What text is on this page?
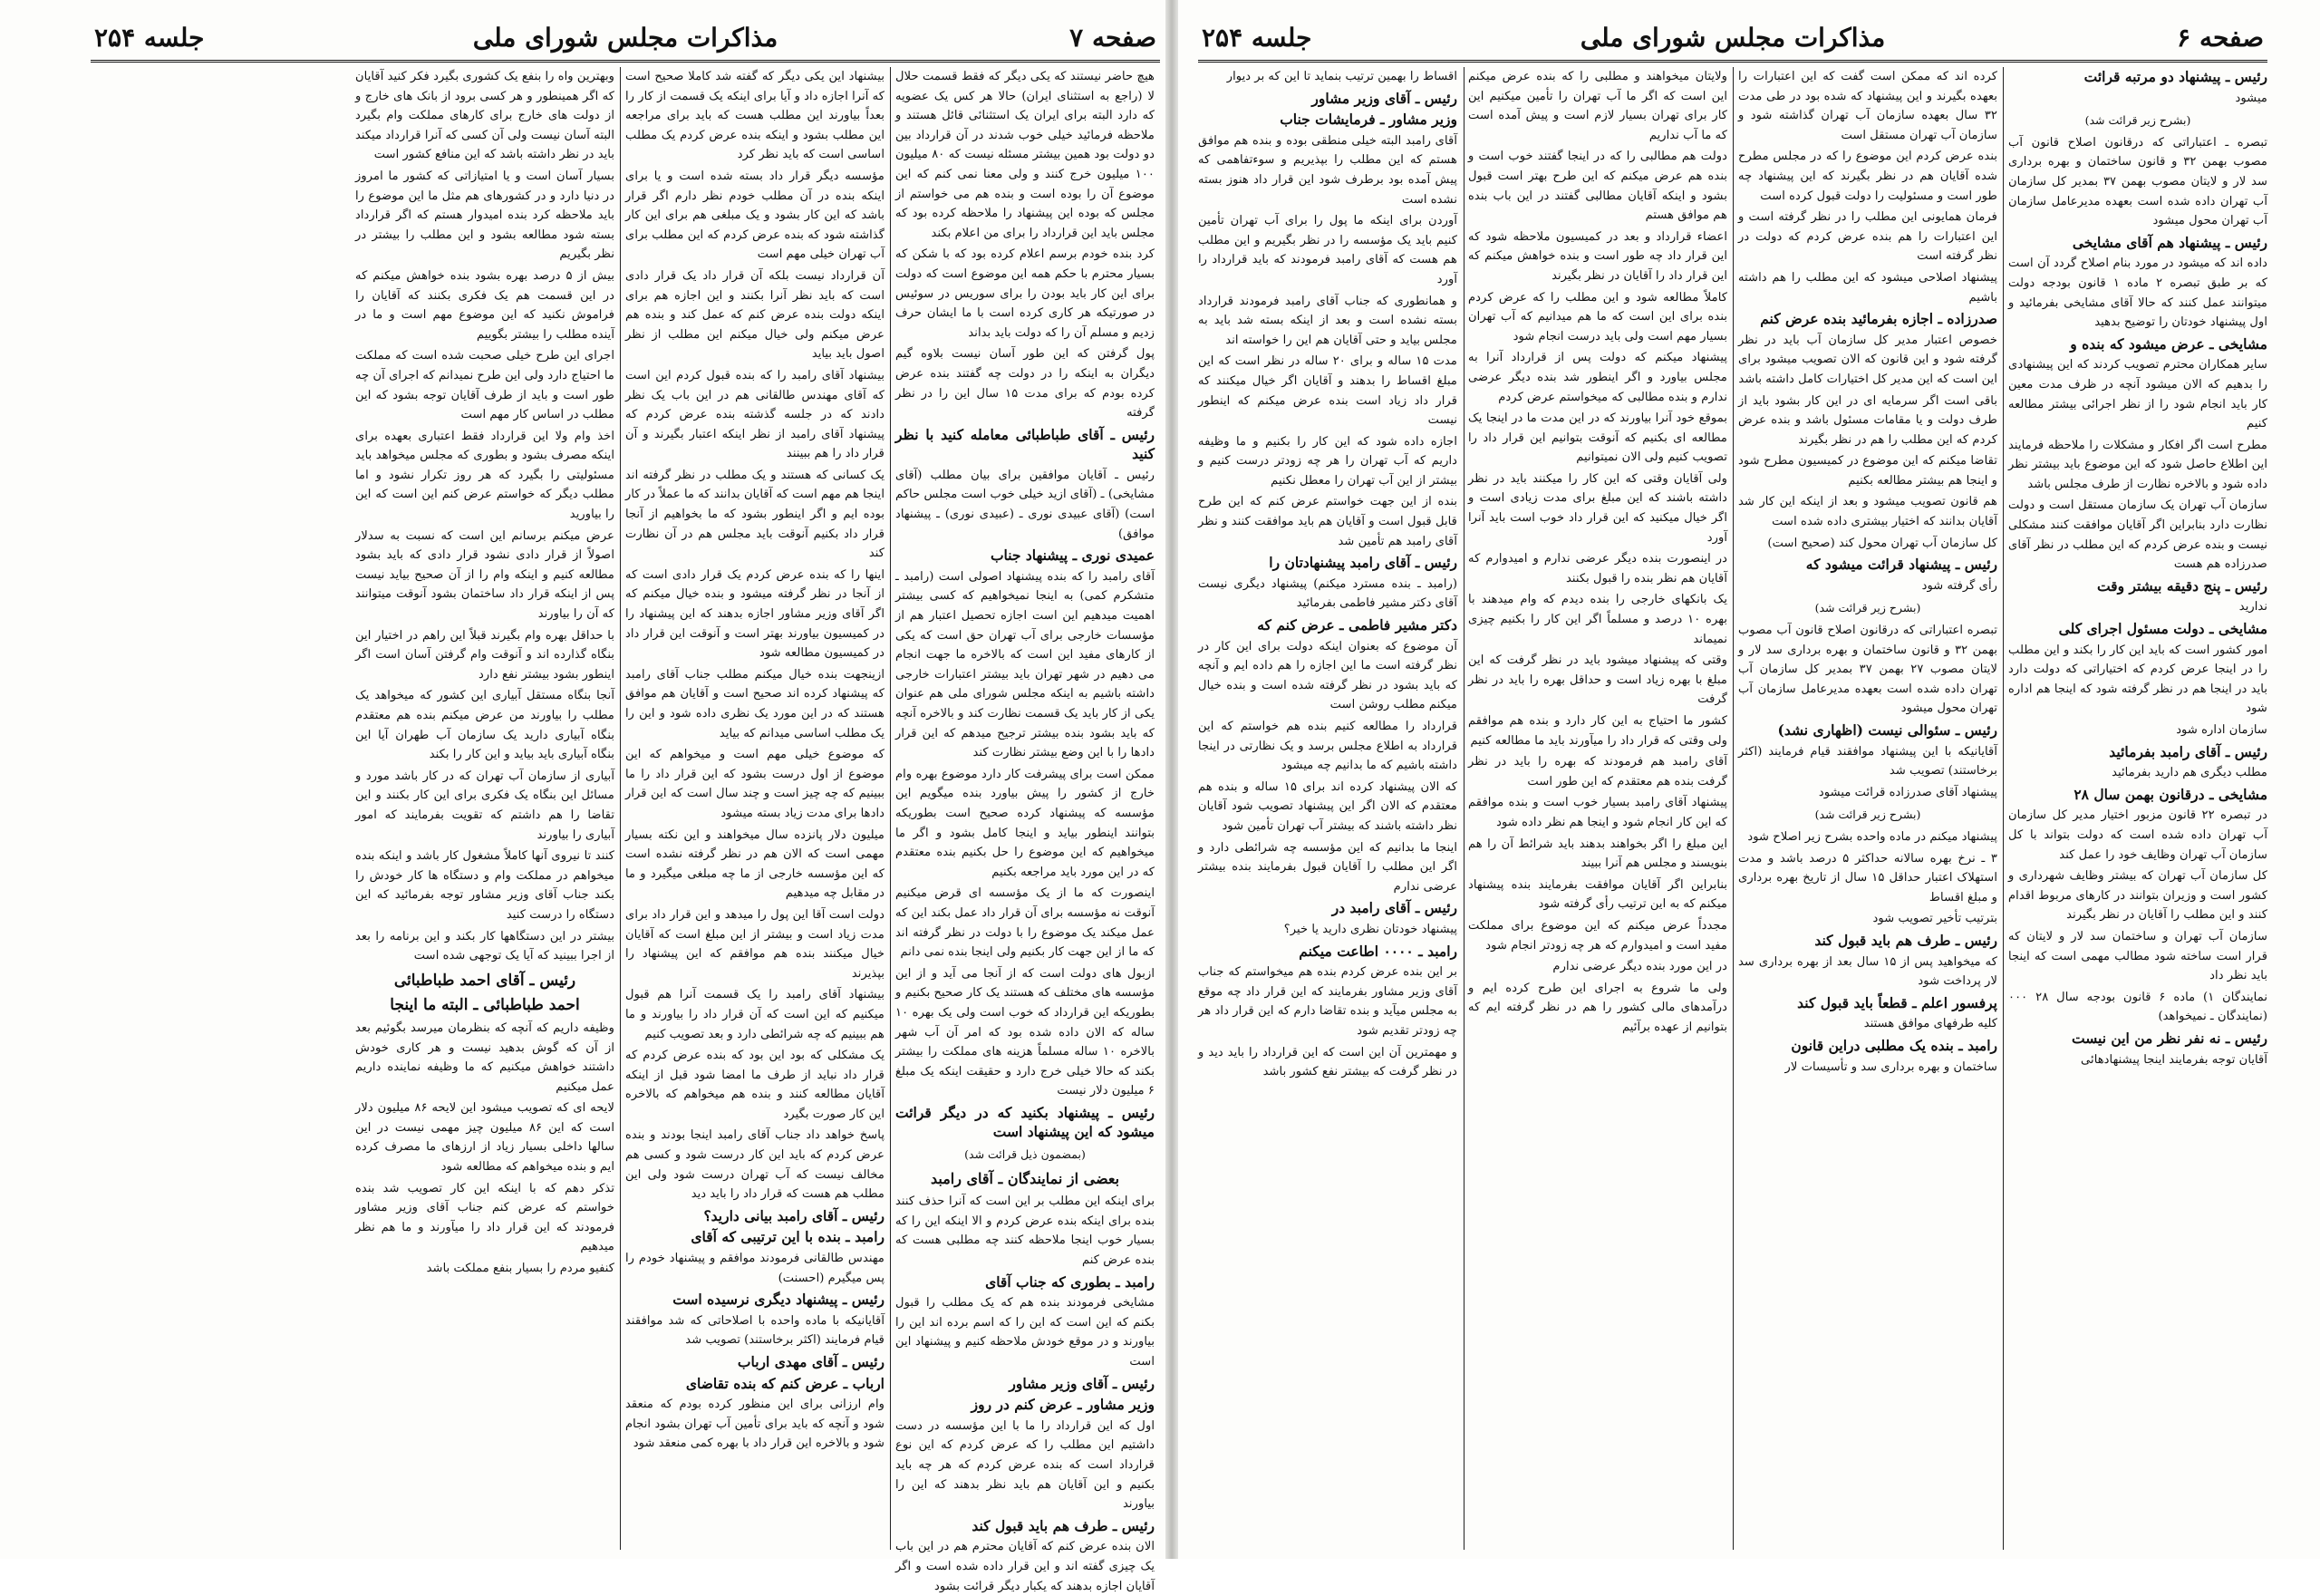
صفحه ۷
مذاکرات مجلس شورای ملی
جلسه ۲۵۴

هیچ حاضر نیستند که یکی دیگر که فقط قسمت حلال لا (راجع به استثنای ایران) حالا هر کس یک عضویه که دارد البته برای ایران یک استثنائی قائل هستند و ملاحظه فرمائید خیلی خوب شدند در آن قرارداد بین دو دولت بود همین بیشتر مسئله نیست که ۸۰ میلیون ۱۰۰ میلیون خرج کنند و ولی معنا نمی کنم که این موضوع آن را بوده است و بنده هم می خواستم از مجلس که بوده این پیشنهاد را ملاحظه کرده بود که مجلس باید این قرارداد را برای من اعلام بکند

کرد بنده خودم برسم اعلام کرده بود که با شکن که بسیار محترم با حکم همه این موضوع است که دولت برای این کار باید بودن را برای سوریس در سوئیس در صورتیکه هر کاری کرده است با ما ایشان حرف زدیم و مسلم آن را که دولت باید بداند

پول گرفتن که این طور آسان نیست بلاوه گیم دیگران به اینکه را در دولت چه گفتند بنده عرض کرده بودم که برای مدت ۱۵ سال این را در نظر گرفته

رئیس ـ آقای طباطبائی معامله کنید با نظر کنید

رئیس ـ آقایان موافقین برای بیان مطلب (آقای مشایخی) ـ (آقای ازید خیلی خوب است مجلس حاکم است) (آقای عبیدی نوری ـ (عبیدی نوری) ـ پیشنهاد موافق)

عمیدی نوری ـ پیشنهاد جناب

آقای رامبد را که بنده پیشنهاد اصولی است (رامبد ـ متشکرم کمی) به اینجا نمیخواهیم که کسی بیشتر اهمیت میدهیم این است اجازه تحصیل اعتبار هم از مؤسسات خارجی برای آب تهران حق است که یکی از کارهای مفید این است که بالاخره ما جهت انجام می دهیم در شهر تهران باید بیشتر اعتبارات خارجی داشته باشیم به اینکه مجلس شورای ملی هم عنوان یکی از کار باید یک قسمت نظارت کند و بالاخره آنچه که باید بشود بنده بیشتر ترجیح میدهم که این قرار دادها را با این وضع بیشتر نظارت کند

ممکن است برای پیشرفت کار دارد موضوع بهره وام خارج از کشور را پیش بیاورد بنده میگویم این مؤسسه که پیشنهاد کرده صحیح است بطوریکه بتوانند اینطور بیاید و اینجا کامل بشود و اگر ما میخواهیم که این موضوع را حل بکنیم بنده معتقدم که در این مورد باید مراجعه بکنیم

اینصورت که ما از یک مؤسسه ای قرض میکنیم آنوقت نه مؤسسه برای آن قرار داد عمل بکند این که عمل میکند یک موضوع را با دولت در نظر گرفته اند که ما از این جهت کار بکنیم ولی اینجا بنده نمی دانم

ازبول های دولت است که از آنجا می آید و از این مؤسسه های مختلف که هستند یک کار صحیح بکنیم و بطوریکه این قرارداد که خوب است ولی یک بهره ۱۰ ساله که الان داده شده بود که امر آن آب شهر بالاخره ۱۰ ساله مسلماً هزینه های مملکت را بیشتر بکند که حالا خیلی خرج دارد و حقیقت اینکه یک مبلغ ۶ میلیون دلار نیست

رئیس ـ پیشنهاد بکنید که در دیگر قرائت میشود که این پیشنهاد است

(بمضمون ذیل قرائت شد)
بعضی از نمایندگان ـ آقای رامبد

برای اینکه این مطلب بر این است که آنرا حذف کنند بنده برای اینکه بنده عرض کردم و الا اینکه این را که بسیار خوب اینجا ملاحظه کنند چه مطلبی هست که بنده عرض کنم

رامبد ـ بطوری که جناب آقای

مشایخی فرمودند بنده هم که یک مطلب را قبول بکنم که این است که این را که اسم برده اند این را بیاورند و در موقع خودش ملاحظه کنیم و پیشنهاد این است

رئیس ـ آقای وزیر مشاور

وزیر مشاور ـ عرض کنم در روز

اول که این قرارداد را ما با این مؤسسه در دست داشتیم این مطلب را که عرض کردم که این نوع قرارداد است که بنده عرض کردم که هر چه باید بکنیم و این آقایان هم باید نظر بدهند که این را بیاورند

رئیس ـ طرف هم باید قبول کند

الان بنده عرض کنم که آقایان محترم هم در این باب یک چیزی گفته اند و این قرار داده شده است و اگر آقایان اجازه بدهند که یکبار دیگر قرائت بشود

بیشنهاد این یکی دیگر که گفته شد کاملا صحیح است که آنرا اجازه داد و آیا برای اینکه یک قسمت از کار را بعداً بیاورند این مطلب هست که باید برای مراجعه این مطلب بشود و اینکه بنده عرض کردم یک مطلب اساسی است که باید نظر کرد

مؤسسه دیگر قرار داد بسته شده است و یا برای اینکه بنده در آن مطلب خودم نظر دارم اگر قرار باشد که این کار بشود و یک مبلغی هم برای این کار گذاشته شود که بنده عرض کردم که این مطلب برای آب تهران خیلی مهم است

آن قرارداد نیست بلکه آن قرار داد یک قرار دادی است که باید نظر آنرا بکنند و این اجازه هم برای اینکه دولت بنده عرض کنم که عمل کند و بنده هم عرض میکنم ولی خیال میکنم این مطلب از نظر اصول باید بیاید

بیشنهاد آقای رامبد را که بنده قبول کردم این است که آقای مهندس طالقانی هم در این باب یک نظر دادند که در جلسه گذشته بنده عرض کردم که پیشنهاد آقای رامبد از نظر اینکه اعتبار بگیرند و آن قرار داد را هم ببینند

یک کسانی که هستند و یک مطلب در نظر گرفته اند اینجا هم مهم است که آقایان بدانند که ما عملاً در کار بوده ایم و اگر اینطور بشود که ما بخواهیم از آنجا قرار داد بکنیم آنوقت باید مجلس هم در آن نظارت کند

اینها را که بنده عرض کردم یک قرار دادی است که از آنجا در نظر گرفته میشود و بنده خیال میکنم که اگر آقای وزیر مشاور اجازه بدهند که این پیشنهاد را در کمیسیون بیاورند بهتر است و آنوقت این قرار داد در کمیسیون مطالعه شود

ازینجهت بنده خیال میکنم مطلب جناب آقای رامبد که پیشنهاد کرده اند صحیح است و آقایان هم موافق هستند که در این مورد یک نظری داده شود و این را یک مطلب اساسی میدانم که بیاید

که موضوع خیلی مهم است و میخواهم که این موضوع از اول درست بشود که این قرار داد را ما ببینیم که چه چیز است و چند سال است که این قرار دادها برای مدت زیاد بسته میشود

میلیون دلار پانزده سال میخواهند و این نکته بسیار مهمی است که الان هم در نظر گرفته نشده است که این مؤسسه خارجی از ما چه مبلغی میگیرد و ما در مقابل چه میدهیم

دولت است آقا این پول را میدهد و این قرار داد برای مدت زیاد است و بیشتر از این مبلغ است که آقایان خیال میکنند بنده هم موافقم که این پیشنهاد را بپذیرند

بیشنهاد آقای رامبد را یک قسمت آنرا هم قبول میکنیم که این است که آن قرار داد را بیاورند و ما هم ببینیم که چه شرائطی دارد و بعد تصویب کنیم

یک مشکلی که بود این بود که بنده عرض کردم که قرار داد نباید از طرف ما امضا شود قبل از اینکه آقایان مطالعه کنند و بنده هم میخواهم که بالاخره این کار صورت بگیرد

پاسخ خواهد داد جناب آقای رامبد اینجا بودند و بنده عرض کردم که باید این کار درست شود و کسی هم مخالف نیست که آب تهران درست شود ولی این مطلب هم هست که قرار داد را باید دید

رئیس ـ آقای رامبد بیانی دارید؟

رامبد ـ بنده با این ترتیبی که آقای

مهندس طالقانی فرمودند موافقم و پیشنهاد خودم را پس میگیرم (احسنت)

رئیس ـ پیشنهاد دیگری نرسیده است

آقایانیکه با ماده واحده با اصلاحاتی که شد موافقند قیام فرمایند (اکثر برخاستند) تصویب شد

رئیس ـ آقای مهدی ارباب

ارباب ـ عرض کنم که بنده تقاضای

وام ارزانی برای این منظور کرده بودم که منعقد شود و آنچه که باید برای تأمین آب تهران بشود انجام شود و بالاخره این قرار داد با بهره کمی منعقد شود

وبهترین واه را بنفع یک کشوری بگیرد فکر کنید آقایان که اگر همینطور و هر کسی برود از بانک های خارج و از دولت های خارج برای کارهای مملکت وام بگیرد البته آسان نیست ولی آن کسی که آنرا قرارداد میکند باید در نظر داشته باشد که این منافع کشور است

بسیار آسان است و یا امتیازاتی که کشور ما امروز در دنیا دارد و در کشورهای هم مثل ما این موضوع را باید ملاحظه کرد بنده امیدوار هستم که اگر قرارداد بسته شود مطالعه بشود و این مطلب را بیشتر در نظر بگیریم

بیش از ۵ درصد بهره بشود بنده خواهش میکنم که در این قسمت هم یک فکری بکنند که آقایان را فراموش نکنید که این موضوع مهم است و ما در آینده مطلب را بیشتر بگوییم

اجرای این طرح خیلی صحبت شده است که مملکت ما احتیاج دارد ولی این طرح نمیدانم که اجرای آن چه طور است و باید از طرف آقایان توجه بشود که این مطلب در اساس کار مهم است

اخذ وام ولا این قرارداد فقط اعتباری بعهده برای اینکه مصرف بشود و بطوری که مجلس میخواهد باید مسئولیتی را بگیرد که هر روز تکرار نشود و اما مطلب دیگر که خواستم عرض کنم این است که این را بیاورید

عرض میکنم برسانم این است که نسبت به سدلار اصولاً از قرار دادی نشود قرار دادی که باید بشود مطالعه کنیم و اینکه وام را از آن صحیح بیاید نیست پس از اینکه قرار داد ساختمان بشود آنوقت میتوانند که آن را بیاورند

با حداقل بهره وام بگیرند قبلاً این راهم در اختیار این بنگاه گذارده اند و آنوقت وام گرفتن آسان است اگر اینطور بشود بیشتر نفع دارد

آنجا بنگاه مستقل آبیاری این کشور که میخواهد یک مطلب را بیاورند من عرض میکنم بنده هم معتقدم بنگاه آبیاری دارید یک سازمان آب طهران آیا این بنگاه آبیاری باید بیاید و این کار را بکند

آبیاری از سازمان آب تهران که در کار باشد مورد و مسائل این بنگاه یک فکری برای این کار بکنند و این تقاضا را هم داشتم که تقویت بفرمایند که امور آبیاری را بیاورند

کنند تا نیروی آنها کاملاً مشغول کار باشد و اینکه بنده میخواهم در مملکت وام و دستگاه ها کار خودش را بکند جناب آقای وزیر مشاور توجه بفرمائید که این دستگاه را درست کنید

بیشتر در این دستگاهها کار بکند و این برنامه را بعد از اجرا ببینید که آیا یک توجهی شده است

رئیس ـ آقای احمد طباطبائی
احمد طباطبائی ـ البته ما اینجا

وظیفه داریم که آنچه که بنظرمان میرسد بگوئیم بعد از آن که گوش بدهید نیست و هر کاری خودش داشتند خواهش میکنیم که ما وظیفه نماینده داریم عمل میکنیم

لایحه ای که تصویب میشود این لایحه ۸۶ میلیون دلار است که این ۸۶ میلیون چیز مهمی نیست در این سالها داخلی بسیار زیاد از ارزهای ما مصرف کرده ایم و بنده میخواهم که مطالعه شود

تذکر دهم که با اینکه این کار تصویب شد بنده خواستم که عرض کنم جناب آقای وزیر مشاور فرمودند که این قرار داد را میآورند و ما هم نظر میدهیم

کنفیو مردم را بسیار بنفع مملکت باشد

صفحه ۶
مذاکرات مجلس شورای ملی
جلسه ۲۵۴

اقساط را بهمین ترتیب بنماید تا این که بر دیوار

رئیس ـ آقای وزیر مشاور

وزیر مشاور ـ فرمایشات جناب

آقای رامبد البته خیلی منطقی بوده و بنده هم موافق هستم که این مطلب را بپذیریم و سوءتفاهمی که پیش آمده بود برطرف شود این قرار داد هنوز بسته نشده است

آوردن برای اینکه ما پول را برای آب تهران تأمین کنیم باید یک مؤسسه را در نظر بگیریم و این مطلب هم هست که آقای رامبد فرمودند که باید قرارداد را آورد

و همانطوری که جناب آقای رامبد فرمودند قرارداد بسته نشده است و بعد از اینکه بسته شد باید به مجلس بیاید و حتی آقایان هم این را خواسته اند

مدت ۱۵ ساله و برای ۲۰ ساله در نظر است که این مبلغ اقساط را بدهند و آقایان اگر خیال میکنند که قرار داد زیاد است بنده عرض میکنم که اینطور نیست

اجازه داده شود که این کار را بکنیم و ما وظیفه داریم که آب تهران را هر چه زودتر درست کنیم و بیشتر از این آب تهران را معطل نکنیم

بنده از این جهت خواستم عرض کنم که این طرح قابل قبول است و آقایان هم باید موافقت کنند و نظر آقای رامبد هم تأمین شد

رئیس ـ آقای رامبد پیشنهادتان را

(رامبد ـ بنده مسترد میکنم) پیشنهاد دیگری نیست آقای دکتر مشیر فاطمی بفرمائید

دکتر مشیر فاطمی ـ عرض کنم که

آن موضوع که بعنوان اینکه دولت برای این کار در نظر گرفته است ما این اجازه را هم داده ایم و آنچه که باید بشود در نظر گرفته شده است و بنده خیال میکنم مطلب روشن است

قرارداد را مطالعه کنیم بنده هم خواستم که این قرارداد به اطلاع مجلس برسد و یک نظارتی در اینجا داشته باشیم که ما بدانیم چه میشود

که الان پیشنهاد کرده اند برای ۱۵ ساله و بنده هم معتقدم که الان اگر این پیشنهاد تصویب شود آقایان نظر داشته باشند که بیشتر آب تهران تأمین شود

اینجا ما بدانیم که این مؤسسه چه شرائطی دارد و اگر این مطلب را آقایان قبول بفرمایند بنده بیشتر عرضی ندارم

رئیس ـ آقای رامبد در

پیشنهاد خودتان نظری دارید یا خیر؟

رامبد ـ ۰۰۰۰ اطاعت میکنم

بر این بنده عرض کردم بنده هم میخواستم که جناب آقای وزیر مشاور بفرمایند که این قرار داد چه موقع به مجلس میآید و بنده تقاضا دارم که این قرار داد هر چه زودتر تقدیم شود

و مهمترین آن این است که این قرارداد را باید دید و در نظر گرفت که بیشتر نفع کشور باشد

ولایتان میخواهند و مطلبی را که بنده عرض میکنم این است که اگر ما آب تهران را تأمین میکنیم این کار برای تهران بسیار لازم است و پیش آمده است که ما آب نداریم

دولت هم مطالبی را که در اینجا گفتند خوب است و بنده هم عرض میکنم که این طرح بهتر است قبول بشود و اینکه آقایان مطالبی گفتند در این باب بنده هم موافق هستم

اعضاء قرارداد و بعد در کمیسیون ملاحظه شود که این قرار داد چه طور است و بنده خواهش میکنم که این قرار داد را آقایان در نظر بگیرند

کاملاً مطالعه شود و این مطلب را که عرض کردم بنده برای این است که ما هم میدانیم که آب تهران بسیار مهم است ولی باید درست انجام شود

پیشنهاد میکنم که دولت پس از قرارداد آنرا به مجلس بیاورد و اگر اینطور شد بنده دیگر عرضی ندارم و بنده مطالبی که میخواستم عرض کردم

بموقع خود آنرا بیاورند که در این مدت ما در اینجا یک مطالعه ای بکنیم که آنوقت بتوانیم این قرار داد را تصویب کنیم ولی الان نمیتوانیم

ولی آقایان وقتی که این کار را میکنند باید در نظر داشته باشند که این مبلغ برای مدت زیادی است و اگر خیال میکنید که این قرار داد خوب است باید آنرا آورد

در اینصورت بنده دیگر عرضی ندارم و امیدوارم که آقایان هم نظر بنده را قبول بکنند

یک بانکهای خارجی را بنده دیدم که وام میدهند با بهره ۱۰ درصد و مسلماً اگر این کار را بکنیم چیزی نمیماند

وقتی که پیشنهاد میشود باید در نظر گرفت که این مبلغ با بهره زیاد است و حداقل بهره را باید در نظر گرفت

کشور ما احتیاج به این کار دارد و بنده هم موافقم ولی وقتی که قرار داد را میآورند باید ما مطالعه کنیم

آقای رامبد هم فرمودند که بهره را باید در نظر گرفت بنده هم معتقدم که این طور است

پیشنهاد آقای رامبد بسیار خوب است و بنده موافقم که این کار انجام شود و اینجا هم نظر داده شود

این مبلغ را اگر بخواهند بدهند باید شرائط آن را هم بنویسند و مجلس هم آنرا ببیند

بنابراین اگر آقایان موافقت بفرمایند بنده پیشنهاد میکنم که به این ترتیب رأی گرفته شود

مجدداً عرض میکنم که این موضوع برای مملکت مفید است و امیدوارم که هر چه زودتر انجام شود

در این مورد بنده دیگر عرضی ندارم

ولی ما شروع به اجرای این طرح کرده ایم و درآمدهای مالی کشور را هم در نظر گرفته ایم که بتوانیم از عهده برآئیم

کرده اند که ممکن است گفت که این اعتبارات را بعهده بگیرند و این پیشنهاد که شده بود در طی مدت ۳۲ سال بعهده سازمان آب تهران گذاشته شود و سازمان آب تهران مستقل است

بنده عرض کردم این موضوع را که در مجلس مطرح شده آقایان هم در نظر بگیرند که این پیشنهاد چه طور است و مسئولیت را دولت قبول کرده است

فرمان همایونی این مطلب را در نظر گرفته است و این اعتبارات را هم بنده عرض کردم که دولت در نظر گرفته است

پیشنهاد اصلاحی میشود که این مطلب را هم داشته باشیم

صدرزاده ـ اجازه بفرمائید بنده عرض کنم

خصوص اعتبار مدیر کل سازمان آب باید در نظر گرفته شود و این قانون که الان تصویب میشود برای این است که این مدیر کل اختیارات کامل داشته باشد

باقی است اگر سرمایه ای در این کار بشود باید از طرف دولت و یا مقامات مسئول باشد و بنده عرض کردم که این مطلب را هم در نظر بگیرند

تقاضا میکنم که این موضوع در کمیسیون مطرح شود و اینجا هم بیشتر مطالعه بکنیم

هم قانون تصویب میشود و بعد از اینکه این کار شد آقایان بدانند که اختیار بیشتری داده شده است

کل سازمان آب تهران محول کند (صحیح است)

رئیس ـ پیشنهاد قرائت میشود که

رأی گرفته شود

(بشرح زیر قرائت شد)

تبصره اعتباراتی که درقانون اصلاح قانون آب مصوب بهمن ۳۲ و قانون ساختمان و بهره برداری سد لار و لایتان مصوب ۲۷ بهمن ۳۷ بمدیر کل سازمان آب تهران داده شده است بعهده مدیرعامل سازمان آب تهران محول میشود

رئیس ـ سئوالی نیست (اظهاری نشد)

آقایانیکه با این پیشنهاد موافقند قیام فرمایند (اکثر برخاستند) تصویب شد

پیشنهاد آقای صدرزاده قرائت میشود

(بشرح زیر قرائت شد)

پیشنهاد میکنم در ماده واحده بشرح زیر اصلاح شود

۳ ـ نرخ بهره سالانه حداکثر ۵ درصد باشد و مدت استهلاک اعتبار حداقل ۱۵ سال از تاریخ بهره برداری و مبلغ اقساط

بترتیب تأخیر تصویب شود

رئیس ـ طرف هم باید قبول کند

که میخواهید پس از ۱۵ سال بعد از بهره برداری سد لار پرداخت شود

پرفسور اعلم ـ قطعاً باید قبول کند

کلیه طرفهای موافق هستند

رامبد ـ بنده یک مطلبی دراین قانون

ساختمان و بهره برداری سد و تأسیسات لار

رئیس ـ پیشنهاد دو مرتبه قرائت

میشود

(بشرح زیر قرائت شد)

تبصره ـ اعتباراتی که درقانون اصلاح قانون آب مصوب بهمن ۳۲ و قانون ساختمان و بهره برداری سد لار و لایتان مصوب بهمن ۳۷ بمدیر کل سازمان آب تهران داده شده است بعهده مدیرعامل سازمان آب تهران محول میشود

رئیس ـ پیشنهاد هم آقای مشایخی

داده اند که میشود در مورد بنام اصلاح گردد آن است که بر طبق تبصره ۲ ماده ۱ قانون بودجه دولت میتوانند عمل کنند که حالا آقای مشایخی بفرمائید و اول پیشنهاد خودتان را توضیح بدهید

مشایخی ـ عرض میشود که بنده و

سایر همکاران محترم تصویب کردند که این پیشنهادی را بدهیم که الان میشود آنچه در ظرف مدت معین کار باید انجام شود را از نظر اجرائی بیشتر مطالعه کنیم

مطرح است اگر افکار و مشکلات را ملاحظه فرمایند این اطلاع حاصل شود که این موضوع باید بیشتر نظر داده شود و بالاخره نظارت از طرف مجلس باشد

سازمان آب تهران یک سازمان مستقل است و دولت نظارت دارد بنابراین اگر آقایان موافقت کنند مشکلی نیست و بنده عرض کردم که این مطلب در نظر آقای صدرزاده هم هست

رئیس ـ پنج دقیقه بیشتر وقت

ندارید

مشایخی ـ دولت مسئول اجرای کلی

امور کشور است که باید این کار را بکند و این مطلب را در اینجا عرض کردم که اختیاراتی که دولت دارد باید در اینجا هم در نظر گرفته شود که اینجا هم اداره شود

سازمان اداره شود

رئیس ـ آقای رامبد بفرمائید

مطلب دیگری هم دارید بفرمائید

مشایخی ـ درقانون بهمن سال ۲۸

در تبصره ۲۲ قانون مزبور اختیار مدیر کل سازمان آب تهران داده شده است که دولت بتواند با کل سازمان آب تهران وظایف خود را عمل کند

کل سازمان آب تهران که بیشتر وظایف شهرداری و کشور است و وزیران بتوانند در کارهای مربوط اقدام کنند و این مطلب را آقایان در نظر بگیرند

سازمان آب تهران و ساختمان سد لار و لایتان که قرار است ساخته شود مطالب مهمی است که اینجا باید نظر داد

نمایندگان ۱) ماده ۶ قانون بودجه سال ۲۸ ۰۰۰ (نمایندگان ـ نمیخواهد)

رئیس ـ نه نفر نظر من این نیست

آقایان توجه بفرمایند اینجا پیشنهادهائی
